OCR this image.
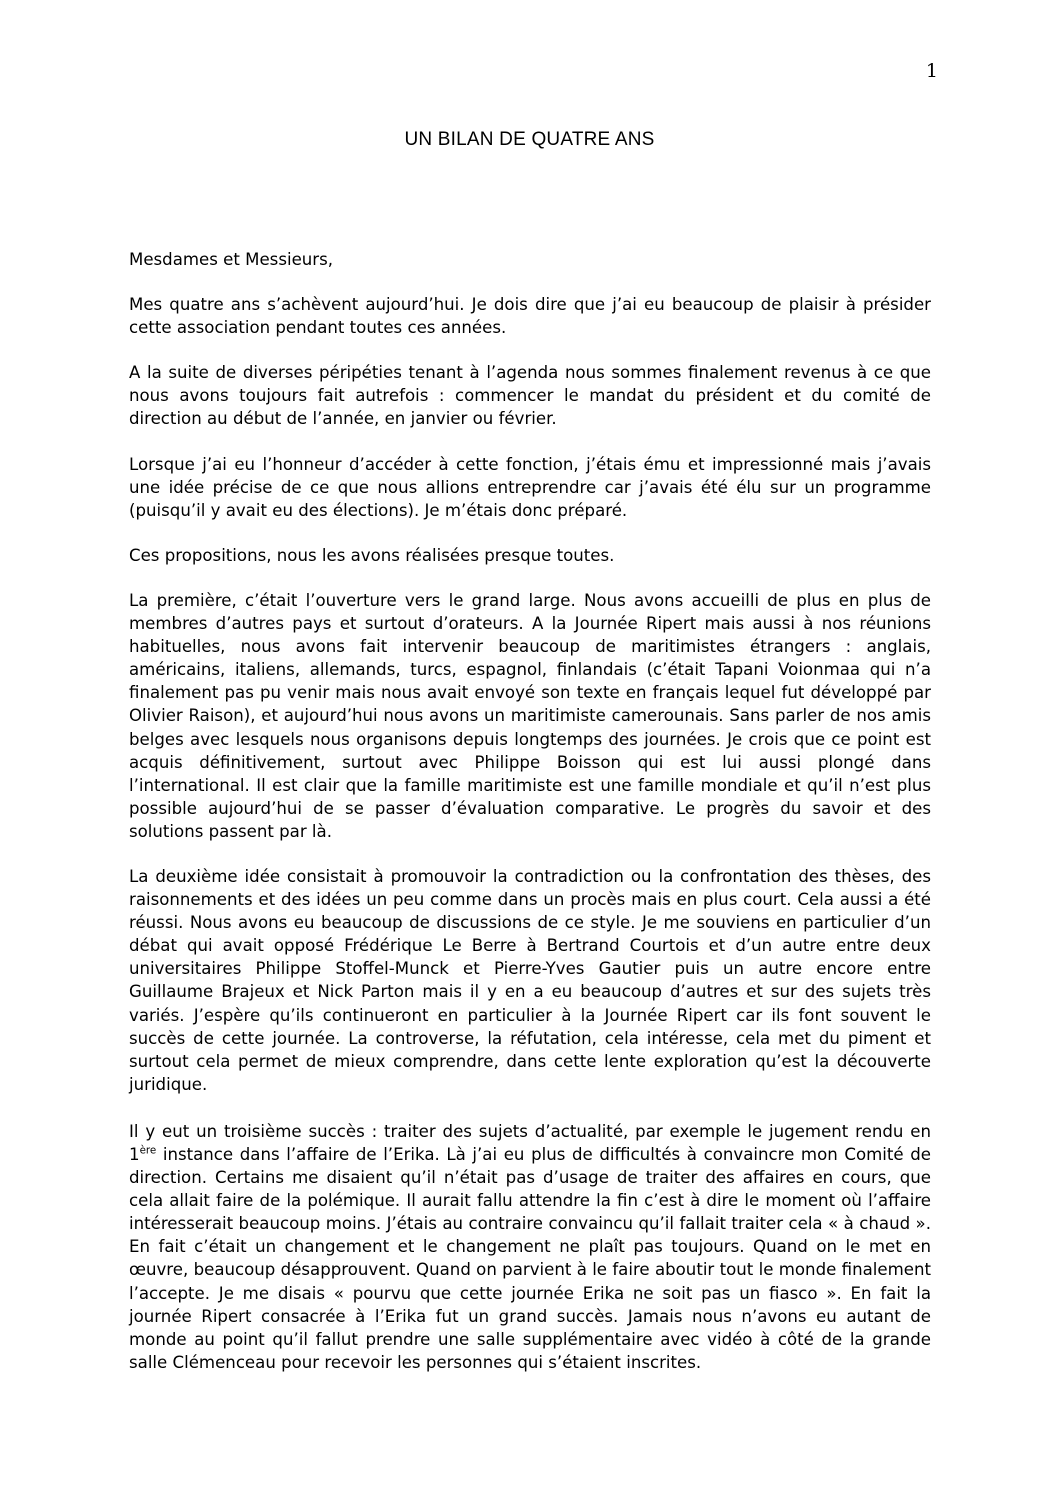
1
UN BILAN DE QUATRE ANS

Mesdames et Messieurs,

Mes quatre ans s’achèvent aujourd’hui. Je dois dire que j’ai eu beaucoup de plaisir à présider cette association pendant toutes ces années.

A la suite de diverses péripéties tenant à l’agenda nous sommes finalement revenus à ce que nous avons toujours fait autrefois : commencer le mandat du président et du comité de direction au début de l’année, en janvier ou février.

Lorsque j’ai eu l’honneur d’accéder à cette fonction, j’étais ému et impressionné mais j’avais une idée précise de ce que nous allions entreprendre car j’avais été élu sur un programme (puisqu’il y avait eu des élections). Je m’étais donc préparé.

Ces propositions, nous les avons réalisées presque toutes.

La première, c’était l’ouverture vers le grand large. Nous avons accueilli de plus en plus de membres d’autres pays et surtout d’orateurs. A la Journée Ripert mais aussi à nos réunions habituelles, nous avons fait intervenir beaucoup de maritimistes étrangers : anglais, américains, italiens, allemands, turcs, espagnol, finlandais (c’était Tapani Voionmaa qui n’a finalement pas pu venir mais nous avait envoyé son texte en français lequel fut développé par Olivier Raison), et aujourd’hui nous avons un maritimiste camerounais. Sans parler de nos amis belges avec lesquels nous organisons depuis longtemps des journées. Je crois que ce point est acquis définitivement, surtout avec Philippe Boisson qui est lui aussi plongé dans l’international. Il est clair que la famille maritimiste est une famille mondiale et qu’il n’est plus possible aujourd’hui de se passer d’évaluation comparative. Le progrès du savoir et des solutions passent par là.

La deuxième idée consistait à promouvoir la contradiction ou la confrontation des thèses, des raisonnements et des idées un peu comme dans un procès mais en plus court. Cela aussi a été réussi. Nous avons eu beaucoup de discussions de ce style. Je me souviens en particulier d’un débat qui avait opposé Frédérique Le Berre à Bertrand Courtois et d’un autre entre deux universitaires Philippe Stoffel-Munck et Pierre-Yves Gautier puis un autre encore entre Guillaume Brajeux et Nick Parton mais il y en a eu beaucoup d’autres et sur des sujets très variés. J’espère qu’ils continueront en particulier à la Journée Ripert car ils font souvent le succès de cette journée. La controverse, la réfutation, cela intéresse, cela met du piment et surtout cela permet de mieux comprendre, dans cette lente exploration qu’est la découverte juridique.

Il y eut un troisième succès : traiter des sujets d’actualité, par exemple le jugement rendu en 1ère instance dans l’affaire de l’Erika. Là j’ai eu plus de difficultés à convaincre mon Comité de direction. Certains me disaient qu’il n’était pas d’usage de traiter des affaires en cours, que cela allait faire de la polémique. Il aurait fallu attendre la fin c’est à dire le moment où l’affaire intéresserait beaucoup moins. J’étais au contraire convaincu qu’il fallait traiter cela « à chaud ». En fait c’était un changement et le changement ne plaît pas toujours. Quand on le met en œuvre, beaucoup désapprouvent. Quand on parvient à le faire aboutir tout le monde finalement l’accepte. Je me disais « pourvu que cette journée Erika ne soit pas un fiasco ». En fait la journée Ripert consacrée à l’Erika fut un grand succès. Jamais nous n’avons eu autant de monde au point qu’il fallut prendre une salle supplémentaire avec vidéo à côté de la grande salle Clémenceau pour recevoir les personnes qui s’étaient inscrites.
